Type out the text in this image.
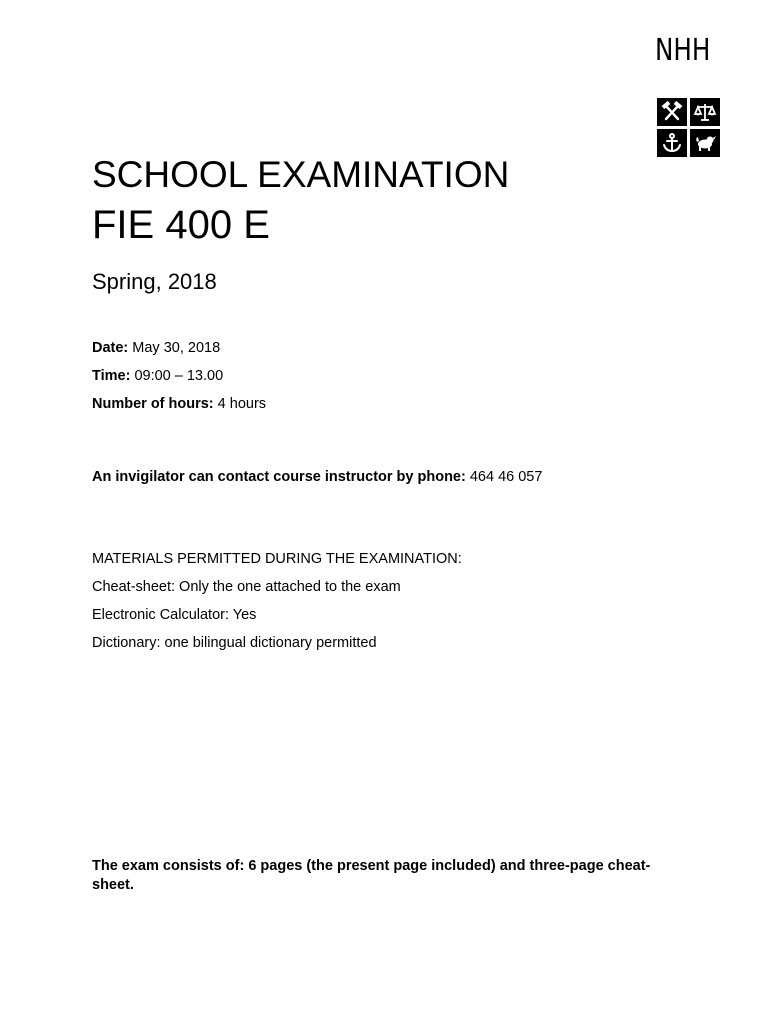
NHH
SCHOOL EXAMINATION
FIE 400 E
Spring, 2018
Date: May 30, 2018
Time: 09:00 – 13.00
Number of hours: 4 hours
An invigilator can contact course instructor by phone: 464 46 057
MATERIALS PERMITTED DURING THE EXAMINATION:
Cheat-sheet: Only the one attached to the exam
Electronic Calculator: Yes
Dictionary: one bilingual dictionary permitted
The exam consists of: 6 pages (the present page included) and three-page cheat-sheet.
